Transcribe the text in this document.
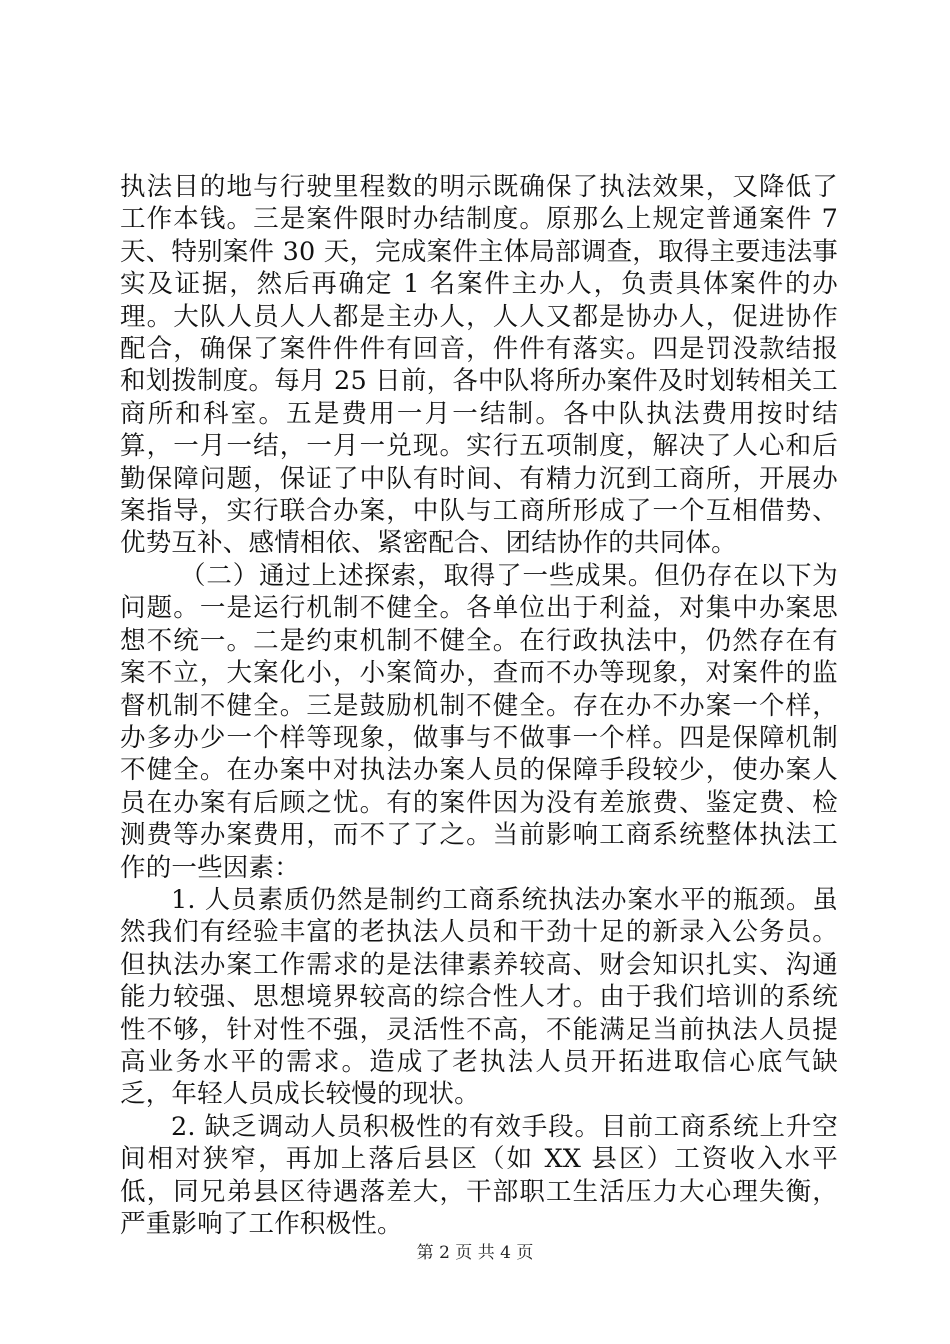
执法目的地与行驶里程数的明示既确保了执法效果，又降低了工作本钱。三是案件限时办结制度。原那么上规定普通案件 7 天、特别案件 30 天，完成案件主体局部调查，取得主要违法事实及证据，然后再确定 1 名案件主办人，负责具体案件的办理。大队人员人人都是主办人，人人又都是协办人，促进协作配合，确保了案件件件有回音，件件有落实。四是罚没款结报和划拨制度。每月 25 日前，各中队将所办案件及时划转相关工商所和科室。五是费用一月一结制。各中队执法费用按时结算，一月一结，一月一兑现。实行五项制度，解决了人心和后勤保障问题，保证了中队有时间、有精力沉到工商所，开展办案指导，实行联合办案，中队与工商所形成了一个互相借势、优势互补、感情相依、紧密配合、团结协作的共同体。

（二）通过上述探索，取得了一些成果。但仍存在以下为问题。一是运行机制不健全。各单位出于利益，对集中办案思想不统一。二是约束机制不健全。在行政执法中，仍然存在有案不立，大案化小，小案简办，查而不办等现象，对案件的监督机制不健全。三是鼓励机制不健全。存在办不办案一个样，办多办少一个样等现象，做事与不做事一个样。四是保障机制不健全。在办案中对执法办案人员的保障手段较少，使办案人员在办案有后顾之忧。有的案件因为没有差旅费、鉴定费、检测费等办案费用，而不了了之。当前影响工商系统整体执法工作的一些因素：

1. 人员素质仍然是制约工商系统执法办案水平的瓶颈。虽然我们有经验丰富的老执法人员和干劲十足的新录入公务员。但执法办案工作需求的是法律素养较高、财会知识扎实、沟通能力较强、思想境界较高的综合性人才。由于我们培训的系统性不够，针对性不强，灵活性不高，不能满足当前执法人员提高业务水平的需求。造成了老执法人员开拓进取信心底气缺乏，年轻人员成长较慢的现状。

2. 缺乏调动人员积极性的有效手段。目前工商系统上升空间相对狭窄，再加上落后县区（如 XX 县区）工资收入水平低，同兄弟县区待遇落差大，干部职工生活压力大心理失衡，严重影响了工作积极性。

第 2 页 共 4 页
